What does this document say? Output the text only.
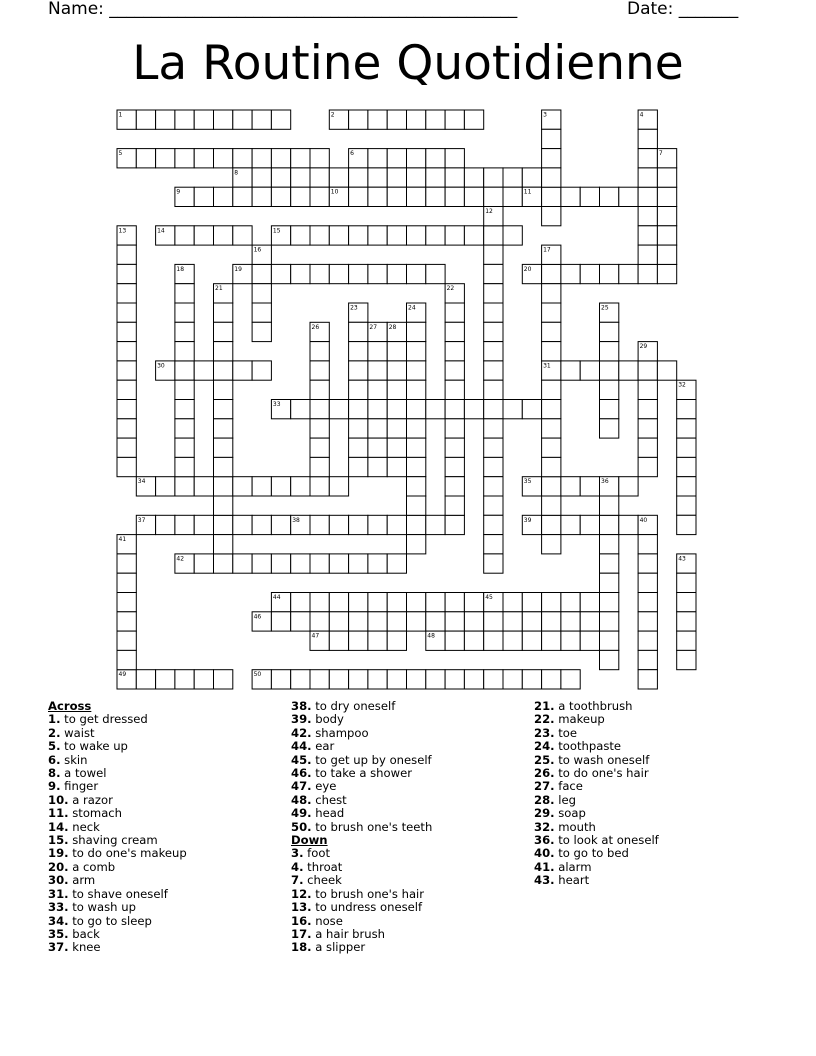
Name: ________________________________________________	Date: _______
La Routine Quotidienne
1	2
5	6
8
9	10	11
14	15
19	20
30	31
33
34	35
37	38	39
42
44	45
46
47	48
49	50
3	4
7
12
13
16	17
18
21	22
23	24	25
26	27 28
29
32
36
40
41
43
Across
1. to get dressed
2. waist
5. to wake up
6. skin
8. a towel
9. finger
10. a razor
11. stomach
14. neck
15. shaving cream
19. to do one's makeup
20. a comb
30. arm
31. to shave oneself
33. to wash up
34. to go to sleep
35. back
37. knee
38. to dry oneself
39. body
42. shampoo
44. ear
45. to get up by oneself
46. to take a shower
47. eye
48. chest
49. head
50. to brush one's teeth
Down
3. foot
4. throat
7. cheek
12. to brush one's hair
13. to undress oneself
16. nose
17. a hair brush
18. a slipper
21. a toothbrush
22. makeup
23. toe
24. toothpaste
25. to wash oneself
26. to do one's hair
27. face
28. leg
29. soap
32. mouth
36. to look at oneself
40. to go to bed
41. alarm
43. heart
